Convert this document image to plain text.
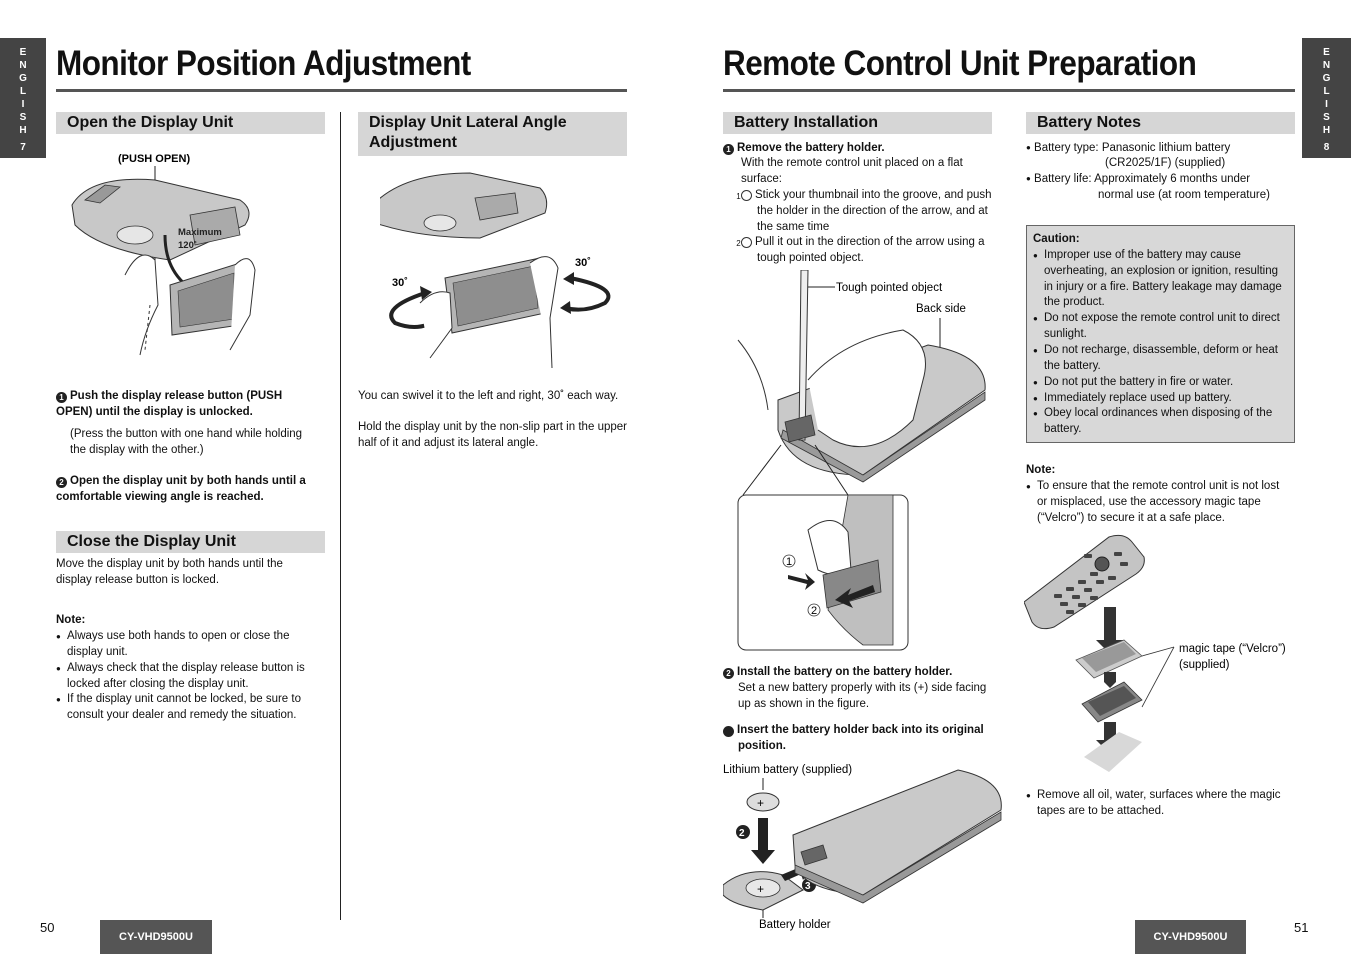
E
N
G
L
I
S
H
7
Monitor Position Adjustment
Open the Display Unit
(PUSH OPEN)
Maximum
120˚
1 Push the display release button (PUSH OPEN) until the display is unlocked.
(Press the button with one hand while holding the display with the other.)
2 Open the display unit by both hands until a comfortable viewing angle is reached.
Close the Display Unit
Move the display unit by both hands until the display release button is locked.
Note:
● Always use both hands to open or close the display unit.
● Always check that the display release button is locked after closing the display unit.
● If the display unit cannot be locked, be sure to consult your dealer and remedy the situation.
Display Unit Lateral Angle Adjustment
30˚
30˚
You can swivel it to the left and right, 30˚ each way.
Hold the display unit by the non-slip part in the upper half of it and adjust its lateral angle.
50
CY-VHD9500U
Remote Control Unit Preparation	E
N
G
L
I
S
H
8
Battery Installation
1 Remove the battery holder.
With the remote control unit placed on a flat surface:
1 Stick your thumbnail into the groove, and push the holder in the direction of the arrow, and at the same time
2 Pull it out in the direction of the arrow using a tough pointed object.
Tough pointed object
Back side
1
2
2 Install the battery on the battery holder.
Set a new battery properly with its (+) side facing up as shown in the figure.
3 Insert the battery holder back into its original position.
Lithium battery (supplied)
+
2
+	3
Battery holder
Battery Notes
● Battery type: Panasonic lithium battery
(CR2025/1F) (supplied)
● Battery life: Approximately 6 months under
normal use (at room temperature)
Caution:
● Improper use of the battery may cause overheating, an explosion or ignition, resulting in injury or a fire. Battery leakage may damage the product.
● Do not expose the remote control unit to direct sunlight.
● Do not recharge, disassemble, deform or heat the battery.
● Do not put the battery in fire or water.
● Immediately replace used up battery.
● Obey local ordinances when disposing of the battery.
Note:
● To ensure that the remote control unit is not lost or misplaced, use the accessory magic tape (“Velcro”) to secure it at a safe place.
magic tape (“Velcro”)
(supplied)
● Remove all oil, water, surfaces where the magic tapes are to be attached.
CY-VHD9500U
51
